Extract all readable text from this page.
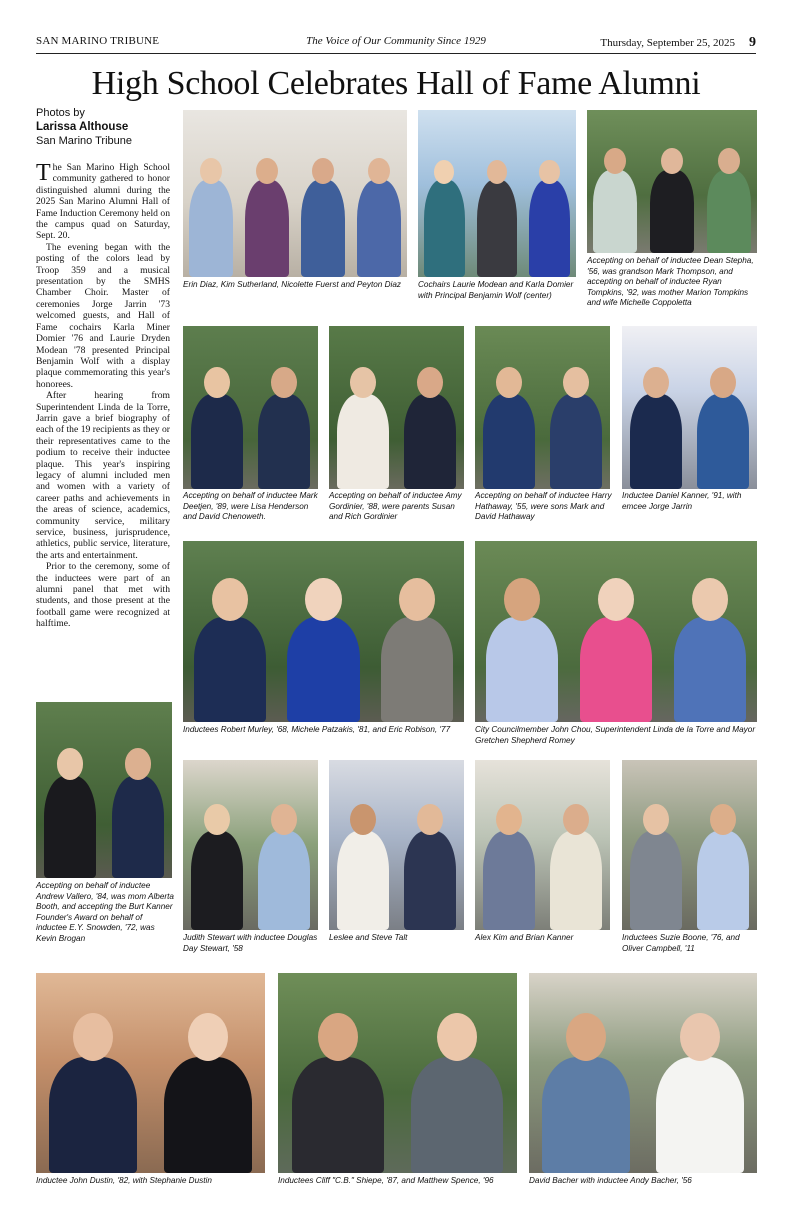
SAN MARINO TRIBUNE	The Voice of Our Community Since 1929	Thursday, September 25, 2025 9
High School Celebrates Hall of Fame Alumni
Photos by
Larissa Althouse
San Marino Tribune

The San Marino High School community gathered to honor distinguished alumni during the 2025 San Marino Alumni Hall of Fame Induction Ceremony held on the campus quad on Saturday, Sept. 20.

The evening began with the posting of the colors lead by Troop 359 and a musical presentation by the SMHS Chamber Choir. Master of ceremonies Jorge Jarrin '73 welcomed guests, and Hall of Fame cochairs Karla Miner Domier '76 and Laurie Dryden Modean '78 presented Principal Benjamin Wolf with a display plaque commemorating this year's honorees.

After hearing from Superintendent Linda de la Torre, Jarrin gave a brief biography of each of the 19 recipients as they or their representatives came to the podium to receive their inductee plaque. This year's inspiring legacy of alumni included men and women with a variety of career paths and achievements in the areas of science, academics, community service, military service, business, jurisprudence, athletics, public service, literature, the arts and entertainment.

Prior to the ceremony, some of the inductees were part of an alumni panel that met with students, and those present at the football game were recognized at halftime.

Erin Diaz, Kim Sutherland, Nicolette Fuerst and Peyton Diaz	Cochairs Laurie Modean and Karla Domier with Principal Benjamin Wolf (center)
Accepting on behalf of inductee Dean Stepha, '56, was grandson Mark Thompson, and accepting on behalf of inductee Ryan Tompkins, '92, was mother Marion Tompkins and wife Michelle Coppoletta
Accepting on behalf of inductee Mark Deetjen, '89, were Lisa Henderson and David Chenoweth.
Accepting on behalf of inductee Amy Gordinier, '88, were parents Susan and Rich Gordinier
Accepting on behalf of inductee Harry Hathaway, '55, were sons Mark and David Hathaway
Inductee Daniel Kanner, '91, with emcee Jorge Jarrin
Inductees Robert Murley, '68, Michele Patzakis, '81, and Eric Robison, '77	City Councilmember John Chou, Superintendent Linda de la Torre and Mayor Gretchen Shepherd Romey
Accepting on behalf of inductee Andrew Vallero, '84, was mom Alberta Booth, and accepting the Burt Kanner Founder's Award on behalf of inductee E.Y. Snowden, '72, was Kevin Brogan	Judith Stewart with inductee Douglas Day Stewart, '58
Leslee and Steve Talt	Alex Kim and Brian Kanner	Inductees Suzie Boone, '76, and Oliver Campbell, '11
Inductee John Dustin, '82, with Stephanie Dustin	Inductees Cliff "C.B." Shiepe, '87, and Matthew Spence, '96	David Bacher with inductee Andy Bacher, '56
